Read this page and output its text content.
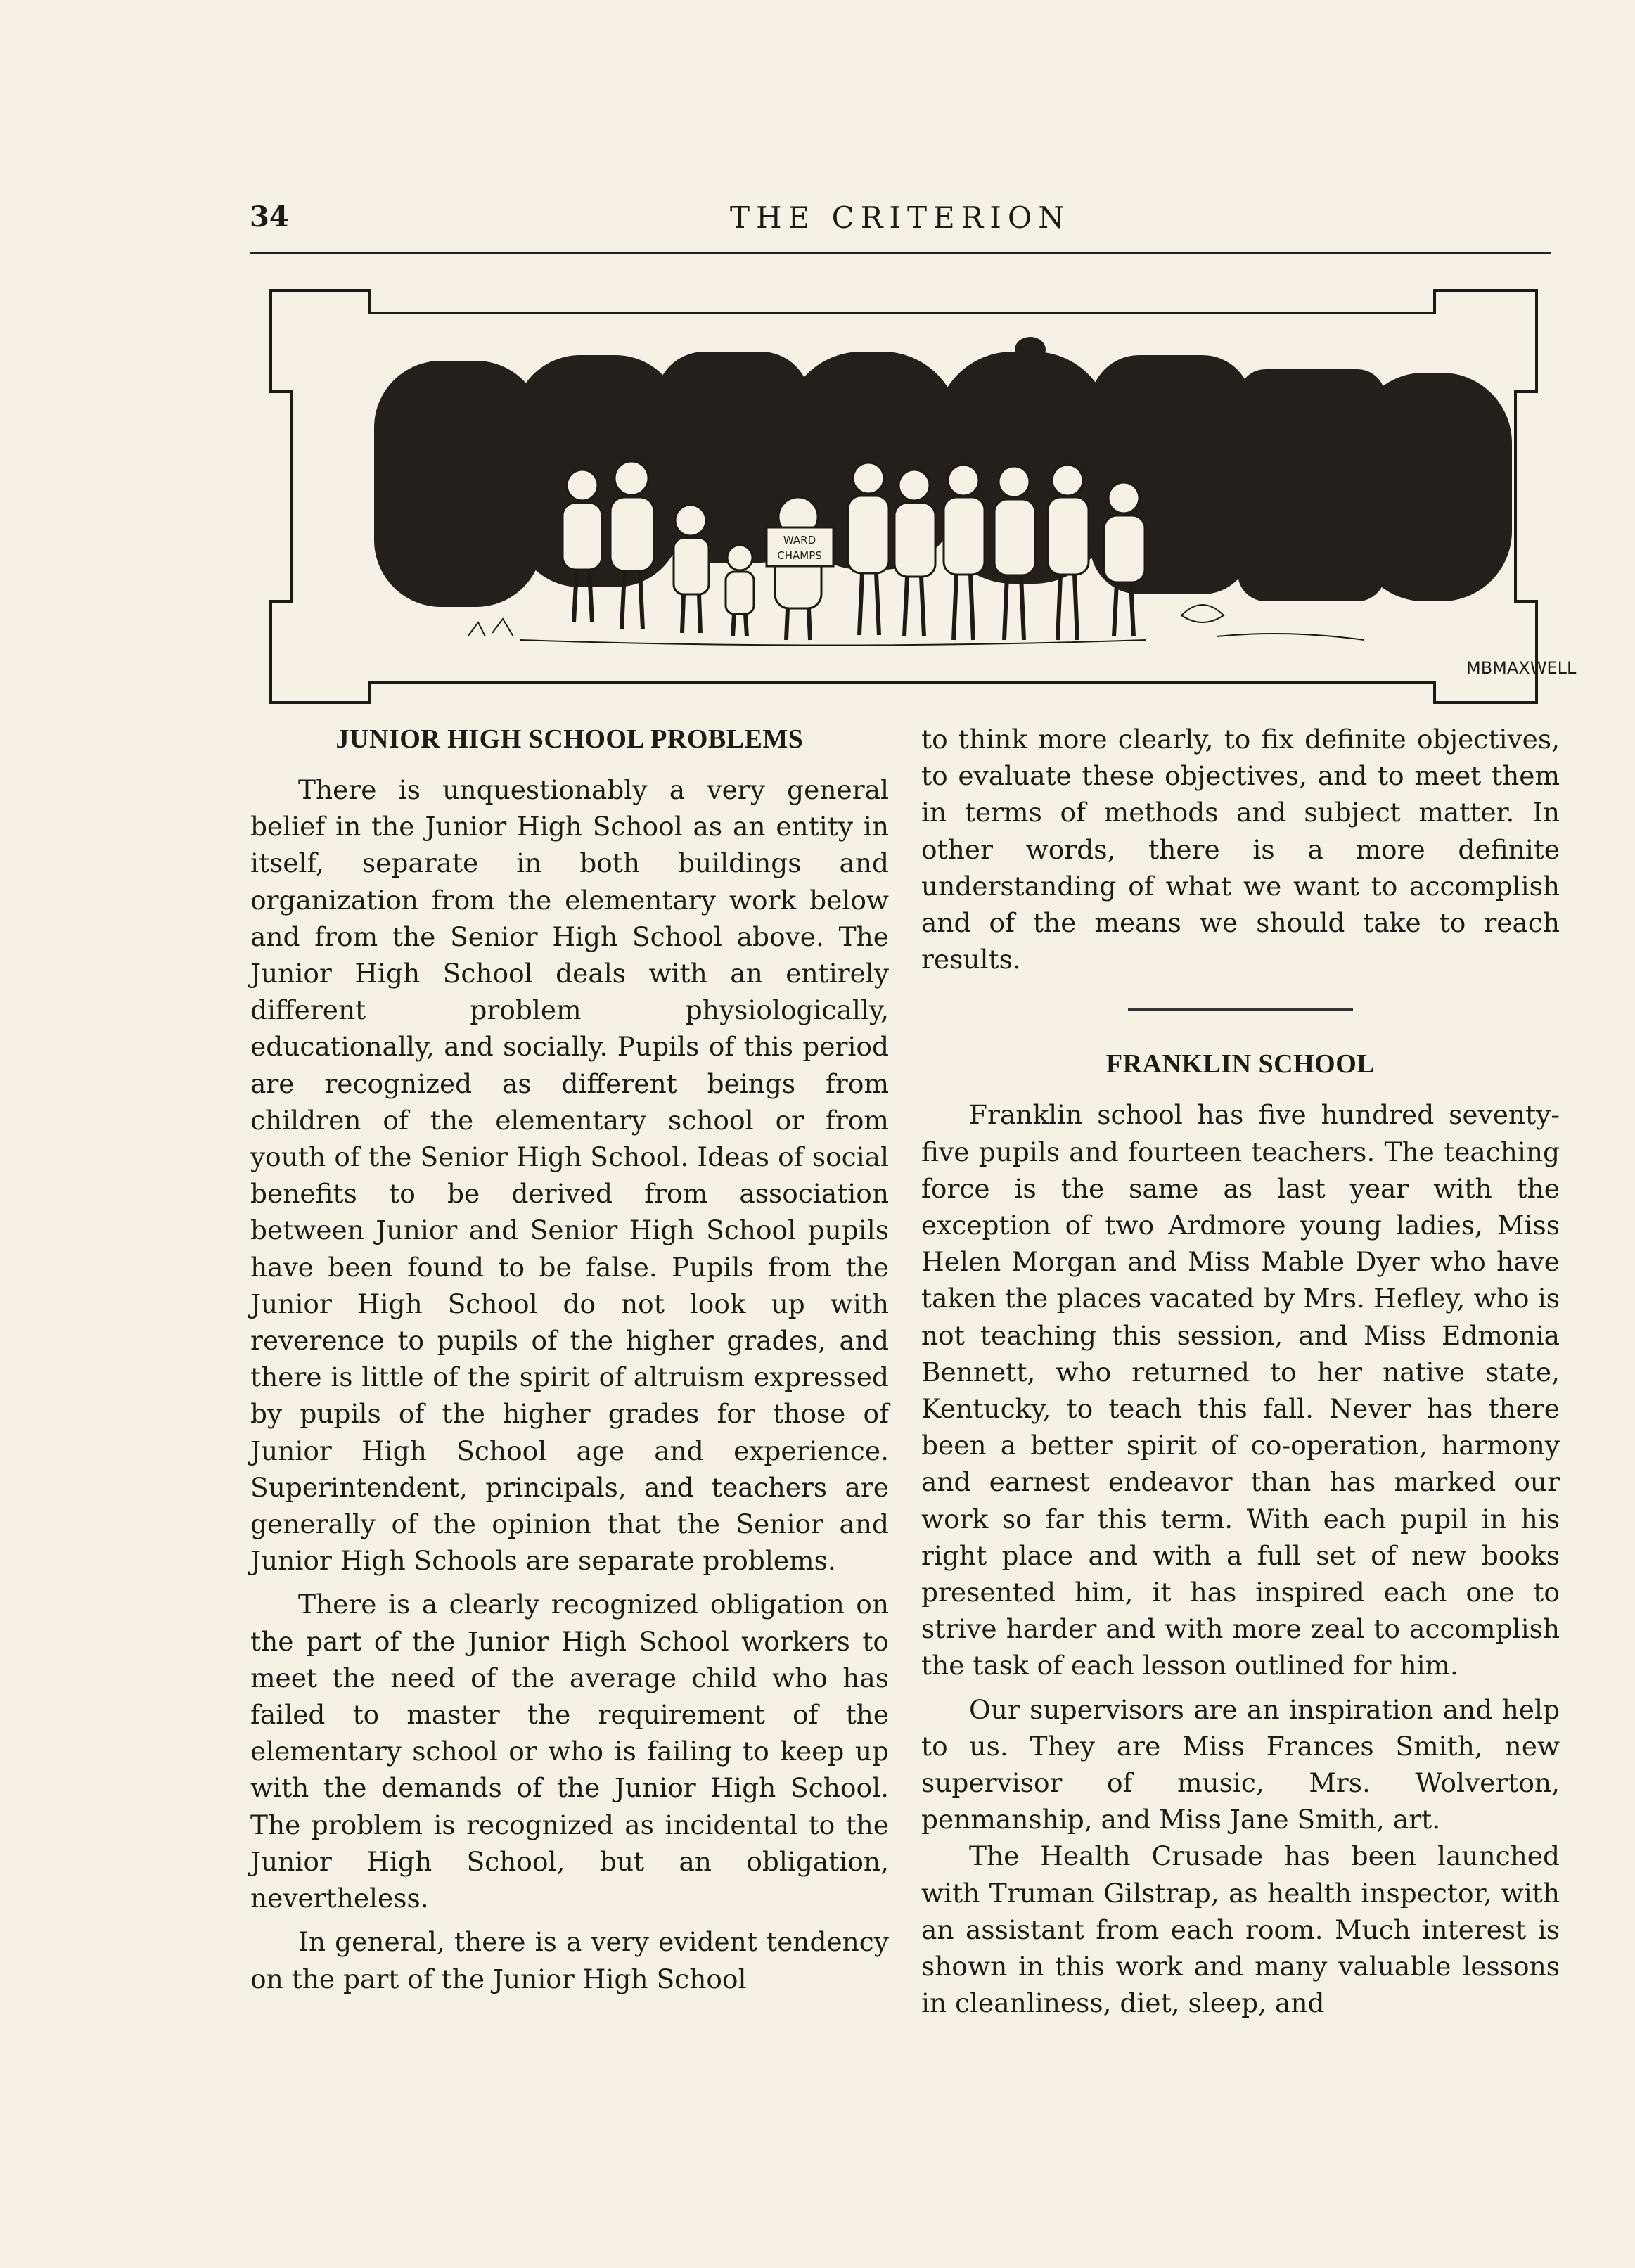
34	THE CRITERION
WARD
CHAMPS
MBMAXWELL
JUNIOR HIGH SCHOOL PROBLEMS

There is unquestionably a very general belief in the Junior High School as an entity in itself, separate in both buildings and organization from the elementary work below and from the Senior High School above. The Junior High School deals with an entirely different problem physiologically, educationally, and socially. Pupils of this period are recognized as different beings from children of the elementary school or from youth of the Senior High School. Ideas of social benefits to be derived from association between Junior and Senior High School pupils have been found to be false. Pupils from the Junior High School do not look up with reverence to pupils of the higher grades, and there is little of the spirit of altruism expressed by pupils of the higher grades for those of Junior High School age and experience. Superintendent, principals, and teachers are generally of the opinion that the Senior and Junior High Schools are separate problems.

There is a clearly recognized obligation on the part of the Junior High School workers to meet the need of the average child who has failed to master the requirement of the elementary school or who is failing to keep up with the demands of the Junior High School. The problem is recognized as incidental to the Junior High School, but an obligation, nevertheless.

In general, there is a very evident tendency on the part of the Junior High School

to think more clearly, to fix definite objectives, to evaluate these objectives, and to meet them in terms of methods and subject matter. In other words, there is a more definite understanding of what we want to accomplish and of the means we should take to reach results.

FRANKLIN SCHOOL

Franklin school has five hundred seventy-five pupils and fourteen teachers. The teaching force is the same as last year with the exception of two Ardmore young ladies, Miss Helen Morgan and Miss Mable Dyer who have taken the places vacated by Mrs. Hefley, who is not teaching this session, and Miss Edmonia Bennett, who returned to her native state, Kentucky, to teach this fall. Never has there been a better spirit of co-operation, harmony and earnest endeavor than has marked our work so far this term. With each pupil in his right place and with a full set of new books presented him, it has inspired each one to strive harder and with more zeal to accomplish the task of each lesson outlined for him.

Our supervisors are an inspiration and help to us. They are Miss Frances Smith, new supervisor of music, Mrs. Wolverton, penmanship, and Miss Jane Smith, art.

The Health Crusade has been launched with Truman Gilstrap, as health inspector, with an assistant from each room. Much interest is shown in this work and many valuable lessons in cleanliness, diet, sleep, and
